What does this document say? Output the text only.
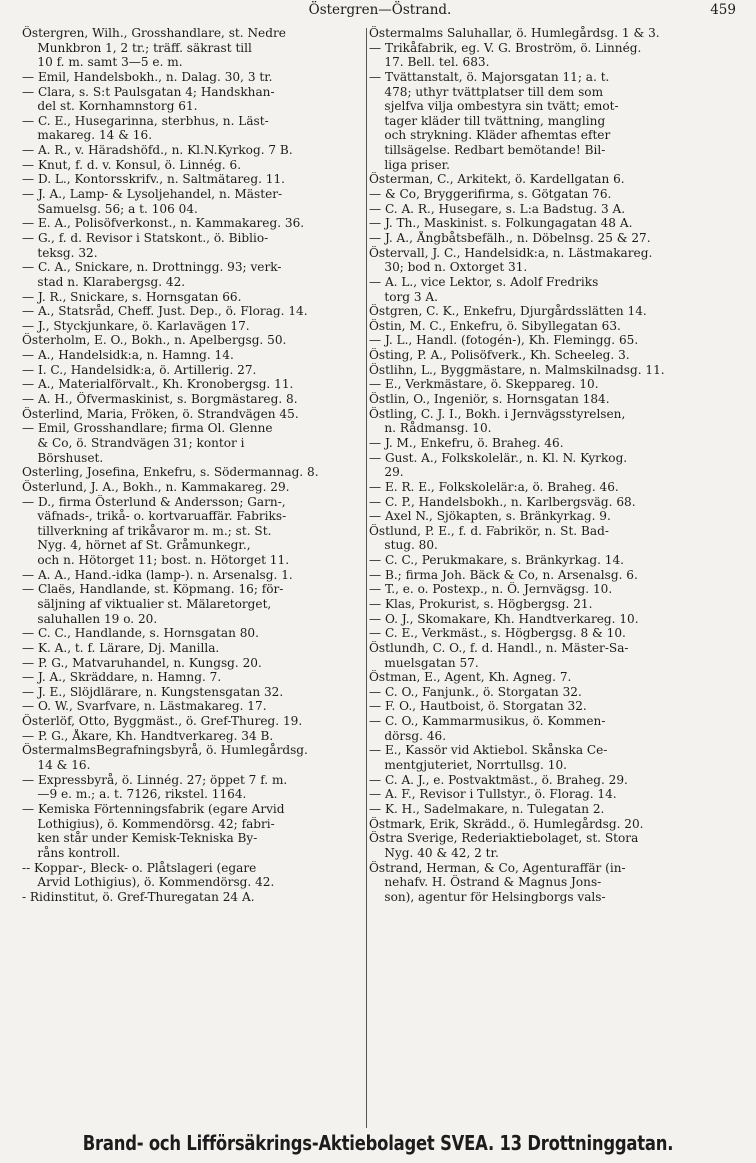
Östergren—Östrand.	459
Östergren, Wilh., Grosshandlare, st. Nedre
Munkbron 1, 2 tr.; träff. säkrast till
10 f. m. samt 3—5 e. m.
— Emil, Handelsbokh., n. Dalag. 30, 3 tr.
— Clara, s. S:t Paulsgatan 4; Handskhan-
del st. Kornhamnstorg 61.
— C. E., Husegarinna, sterbhus, n. Läst-
makareg. 14 & 16.
— A. R., v. Häradshöfd., n. Kl.N.Kyrkog. 7 B.
— Knut, f. d. v. Konsul, ö. Linnég. 6.
— D. L., Kontorsskrifv., n. Saltmätareg. 11.
— J. A., Lamp- & Lysoljehandel, n. Mäster-
Samuelsg. 56; a t. 106 04.
— E. A., Polisöfverkonst., n. Kammakareg. 36.
— G., f. d. Revisor i Statskont., ö. Biblio-
teksg. 32.
— C. A., Snickare, n. Drottningg. 93; verk-
stad n. Klarabergsg. 42.
— J. R., Snickare, s. Hornsgatan 66.
— A., Statsråd, Cheff. Just. Dep., ö. Florag. 14.
— J., Styckjunkare, ö. Karlavägen 17.
Österholm, E. O., Bokh., n. Apelbergsg. 50.
— A., Handelsidk:a, n. Hamng. 14.
— I. C., Handelsidk:a, ö. Artillerig. 27.
— A., Materialförvalt., Kh. Kronobergsg. 11.
— A. H., Öfvermaskinist, s. Borgmästareg. 8.
Österlind, Maria, Fröken, ö. Strandvägen 45.
— Emil, Grosshandlare; firma Ol. Glenne
& Co, ö. Strandvägen 31; kontor i
Börshuset.
Osterling, Josefina, Enkefru, s. Södermannag. 8.
Österlund, J. A., Bokh., n. Kammakareg. 29.
— D., firma Österlund & Andersson; Garn-,
väfnads-, trikå- o. kortvaruaffär. Fabriks-
tillverkning af trikåvaror m. m.; st. St.
Nyg. 4, hörnet af St. Gråmunkegr.,
och n. Hötorget 11; bost. n. Hötorget 11.
— A. A., Hand.-idka (lamp-). n. Arsenalsg. 1.
— Claës, Handlande, st. Köpmang. 16; för-
säljning af viktualier st. Mälaretorget,
saluhallen 19 o. 20.
— C. C., Handlande, s. Hornsgatan 80.
— K. A., t. f. Lärare, Dj. Manilla.
— P. G., Matvaruhandel, n. Kungsg. 20.
— J. A., Skräddare, n. Hamng. 7.
— J. E., Slöjdlärare, n. Kungstensgatan 32.
— O. W., Svarfvare, n. Lästmakareg. 17.
Österlöf, Otto, Byggmäst., ö. Gref-Thureg. 19.
— P. G., Åkare, Kh. Handtverkareg. 34 B.
ÖstermalmsBegrafningsbyrå, ö. Humlegårdsg.
14 & 16.
— Expressbyrå, ö. Linnég. 27; öppet 7 f. m.
—9 e. m.; a. t. 7126, rikstel. 1164.
— Kemiska Förtenningsfabrik (egare Arvid
Lothigius), ö. Kommendörsg. 42; fabri-
ken står under Kemisk-Tekniska By-
råns kontroll.
-- Koppar-, Bleck- o. Plåtslageri (egare
Arvid Lothigius), ö. Kommendörsg. 42.
- Ridinstitut, ö. Gref-Thuregatan 24 A.
Östermalms Saluhallar, ö. Humlegårdsg. 1 & 3.
— Trikåfabrik, eg. V. G. Broström, ö. Linnég.
17. Bell. tel. 683.
— Tvättanstalt, ö. Majorsgatan 11; a. t.
478; uthyr tvättplatser till dem som
sjelfva vilja ombestyra sin tvätt; emot-
tager kläder till tvättning, mangling
och strykning. Kläder afhemtas efter
tillsägelse. Redbart bemötande! Bil-
liga priser.
Österman, C., Arkitekt, ö. Kardellgatan 6.
— & Co, Bryggerifirma, s. Götgatan 76.
— C. A. R., Husegare, s. L:a Badstug. 3 A.
— J. Th., Maskinist. s. Folkungagatan 48 A.
— J. A., Ångbåtsbefälh., n. Döbelnsg. 25 & 27.
Östervall, J. C., Handelsidk:a, n. Lästmakareg.
30; bod n. Oxtorget 31.
— A. L., vice Lektor, s. Adolf Fredriks
torg 3 A.
Östgren, C. K., Enkefru, Djurgårdsslätten 14.
Östin, M. C., Enkefru, ö. Sibyllegatan 63.
— J. L., Handl. (fotogén-), Kh. Flemingg. 65.
Östing, P. A., Polisöfverk., Kh. Scheeleg. 3.
Östlihn, L., Byggmästare, n. Malmskilnadsg. 11.
— E., Verkmästare, ö. Skeppareg. 10.
Östlin, O., Ingeniör, s. Hornsgatan 184.
Östling, C. J. I., Bokh. i Jernvägsstyrelsen,
n. Rådmansg. 10.
— J. M., Enkefru, ö. Braheg. 46.
— Gust. A., Folkskolelär., n. Kl. N. Kyrkog.
29.
— E. R. E., Folkskolelär:a, ö. Braheg. 46.
— C. P., Handelsbokh., n. Karlbergsväg. 68.
— Axel N., Sjökapten, s. Bränkyrkag. 9.
Östlund, P. E., f. d. Fabrikör, n. St. Bad-
stug. 80.
— C. C., Perukmakare, s. Bränkyrkag. 14.
— B.; firma Joh. Bäck & Co, n. Arsenalsg. 6.
— T., e. o. Postexp., n. Ö. Jernvägsg. 10.
— Klas, Prokurist, s. Högbergsg. 21.
— O. J., Skomakare, Kh. Handtverkareg. 10.
— C. E., Verkmäst., s. Högbergsg. 8 & 10.
Östlundh, C. O., f. d. Handl., n. Mäster-Sa-
muelsgatan 57.
Östman, E., Agent, Kh. Agneg. 7.
— C. O., Fanjunk., ö. Storgatan 32.
— F. O., Hautboist, ö. Storgatan 32.
— C. O., Kammarmusikus, ö. Kommen-
dörsg. 46.
— E., Kassör vid Aktiebol. Skånska Ce-
mentgjuteriet, Norrtullsg. 10.
— C. A. J., e. Postvaktmäst., ö. Braheg. 29.
— A. F., Revisor i Tullstyr., ö. Florag. 14.
— K. H., Sadelmakare, n. Tulegatan 2.
Östmark, Erik, Skrädd., ö. Humlegårdsg. 20.
Östra Sverige, Rederiaktiebolaget, st. Stora
Nyg. 40 & 42, 2 tr.
Östrand, Herman, & Co, Agenturaffär (in-
nehafv. H. Östrand & Magnus Jons-
son), agentur för Helsingborgs vals-
Brand- och Lifförsäkrings-Aktiebolaget SVEA. 13 Drottninggatan.
